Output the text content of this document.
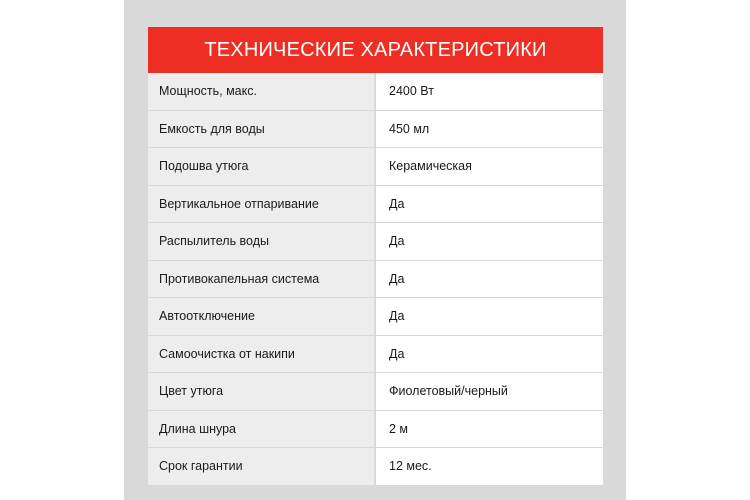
ТЕХНИЧЕСКИЕ ХАРАКТЕРИСТИКИ
Мощность, макс.	2400 Вт
Емкость для воды	450 мл
Подошва утюга	Керамическая
Вертикальное отпаривание	Да
Распылитель воды	Да
Противокапельная система	Да
Автоотключение	Да
Самоочистка от накипи	Да
Цвет утюга	Фиолетовый/черный
Длина шнура	2 м
Срок гарантии	12 мес.
